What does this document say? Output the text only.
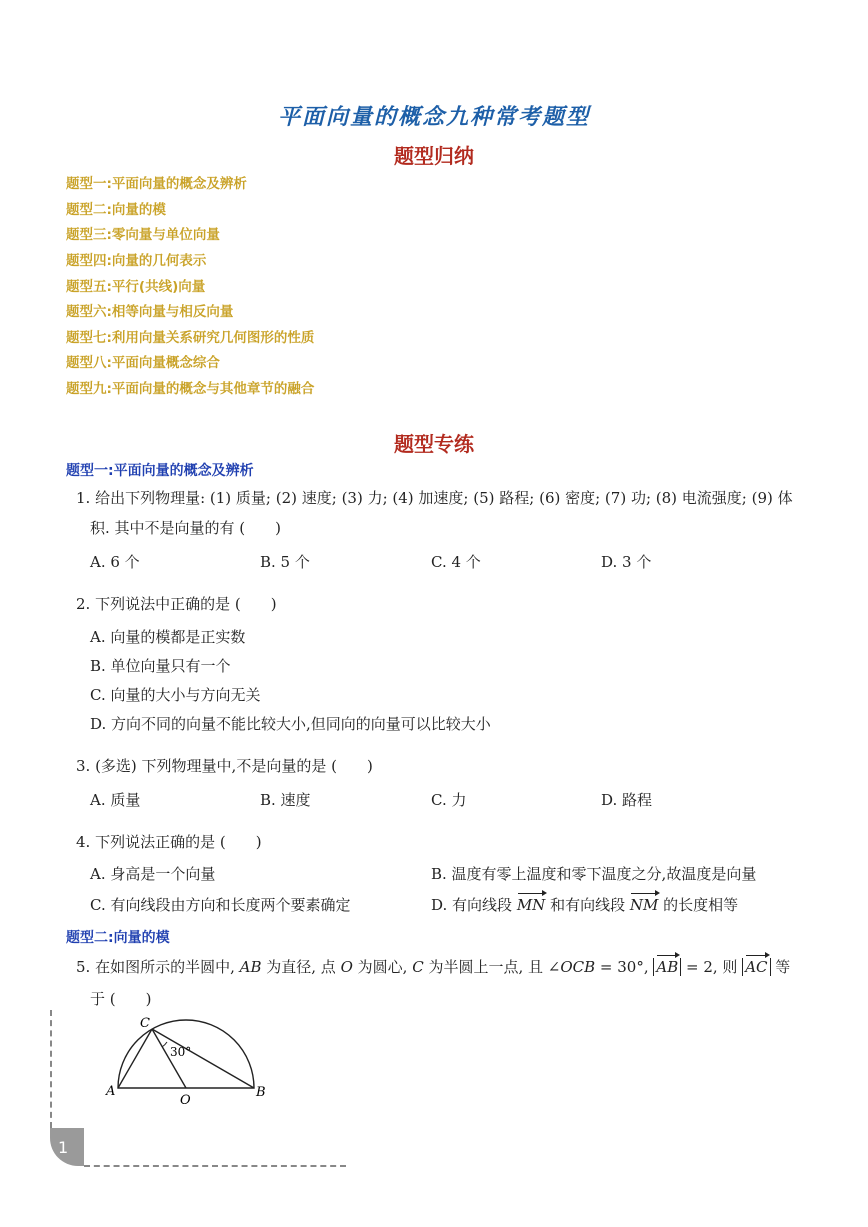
平面向量的概念九种常考题型
题型归纳
题型一:平面向量的概念及辨析
题型二:向量的模
题型三:零向量与单位向量
题型四:向量的几何表示
题型五:平行(共线)向量
题型六:相等向量与相反向量
题型七:利用向量关系研究几何图形的性质
题型八:平面向量概念综合
题型九:平面向量的概念与其他章节的融合
题型专练
题型一:平面向量的概念及辨析
1. 给出下列物理量: (1) 质量; (2) 速度; (3) 力; (4) 加速度; (5) 路程; (6) 密度; (7) 功; (8) 电流强度; (9) 体
积. 其中不是向量的有 (　　)
A. 6 个	B. 5 个	C. 4 个	D. 3 个
2. 下列说法中正确的是 (　　)
A. 向量的模都是正实数
B. 单位向量只有一个
C. 向量的大小与方向无关
D. 方向不同的向量不能比较大小,但同向的向量可以比较大小
3. (多选) 下列物理量中,不是向量的是 (　　)
A. 质量	B. 速度	C. 力	D. 路程
4. 下列说法正确的是 (　　)
A. 身高是一个向量	B. 温度有零上温度和零下温度之分,故温度是向量
C. 有向线段由方向和长度两个要素确定	D. 有向线段 MN 和有向线段 NM 的长度相等
题型二:向量的模
5. 在如图所示的半圆中, AB 为直径, 点 O 为圆心, C 为半圆上一点, 且 ∠OCB = 30°, AB = 2, 则 AC 等
于 (　　)
A	B
C
O
30°
1
